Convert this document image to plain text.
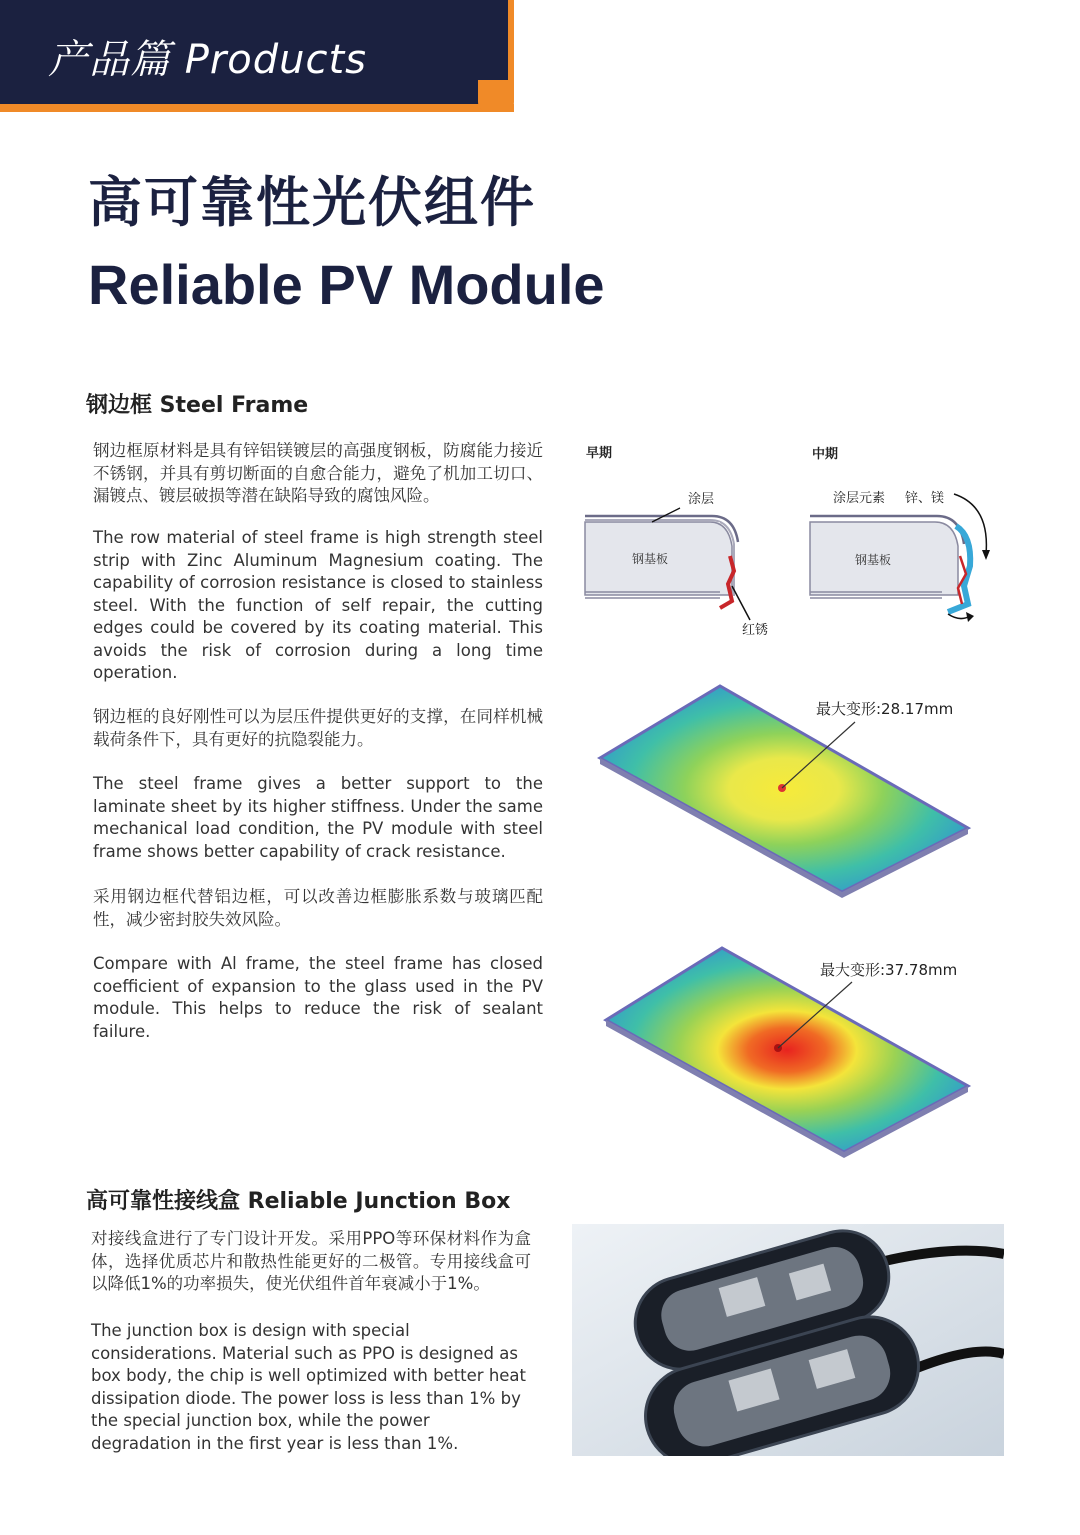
产品篇 Products
高可靠性光伏组件
Reliable PV Module
钢边框 Steel Frame

钢边框原材料是具有锌铝镁镀层的高强度钢板，防腐能力接近不锈钢，并具有剪切断面的自愈合能力，避免了机加工切口、漏镀点、镀层破损等潜在缺陷导致的腐蚀风险。

The row material of steel frame is high strength steel strip with Zinc Aluminum Magnesium coating. The capability of corrosion resistance is closed to stainless steel. With the function of self repair, the cutting edges could be covered by its coating material. This avoids the risk of corrosion during a long time operation.

钢边框的良好刚性可以为层压件提供更好的支撑，在同样机械载荷条件下，具有更好的抗隐裂能力。

The steel frame gives a better support to the laminate sheet by its higher stiffness. Under the same mechanical load condition, the PV module with steel frame shows better capability of crack resistance.

采用钢边框代替铝边框，可以改善边框膨胀系数与玻璃匹配性，减少密封胶失效风险。

Compare with Al frame, the steel frame has closed coefficient of expansion to the glass used in the PV module. This helps to reduce the risk of sealant failure.

早期
钢基板
涂层
红锈
中期
钢基板
涂层元素 锌、镁
最大变形:28.17mm
最大变形:37.78mm
高可靠性接线盒 Reliable Junction Box

对接线盒进行了专门设计开发。采用PPO等环保材料作为盒体，选择优质芯片和散热性能更好的二极管。专用接线盒可以降低1%的功率损失，使光伏组件首年衰减小于1%。

The junction box is design with special considerations. Material such as PPO is designed as box body, the chip is well optimized with better heat dissipation diode. The power loss is less than 1% by the special junction box, while the power degradation in the first year is less than 1%.
